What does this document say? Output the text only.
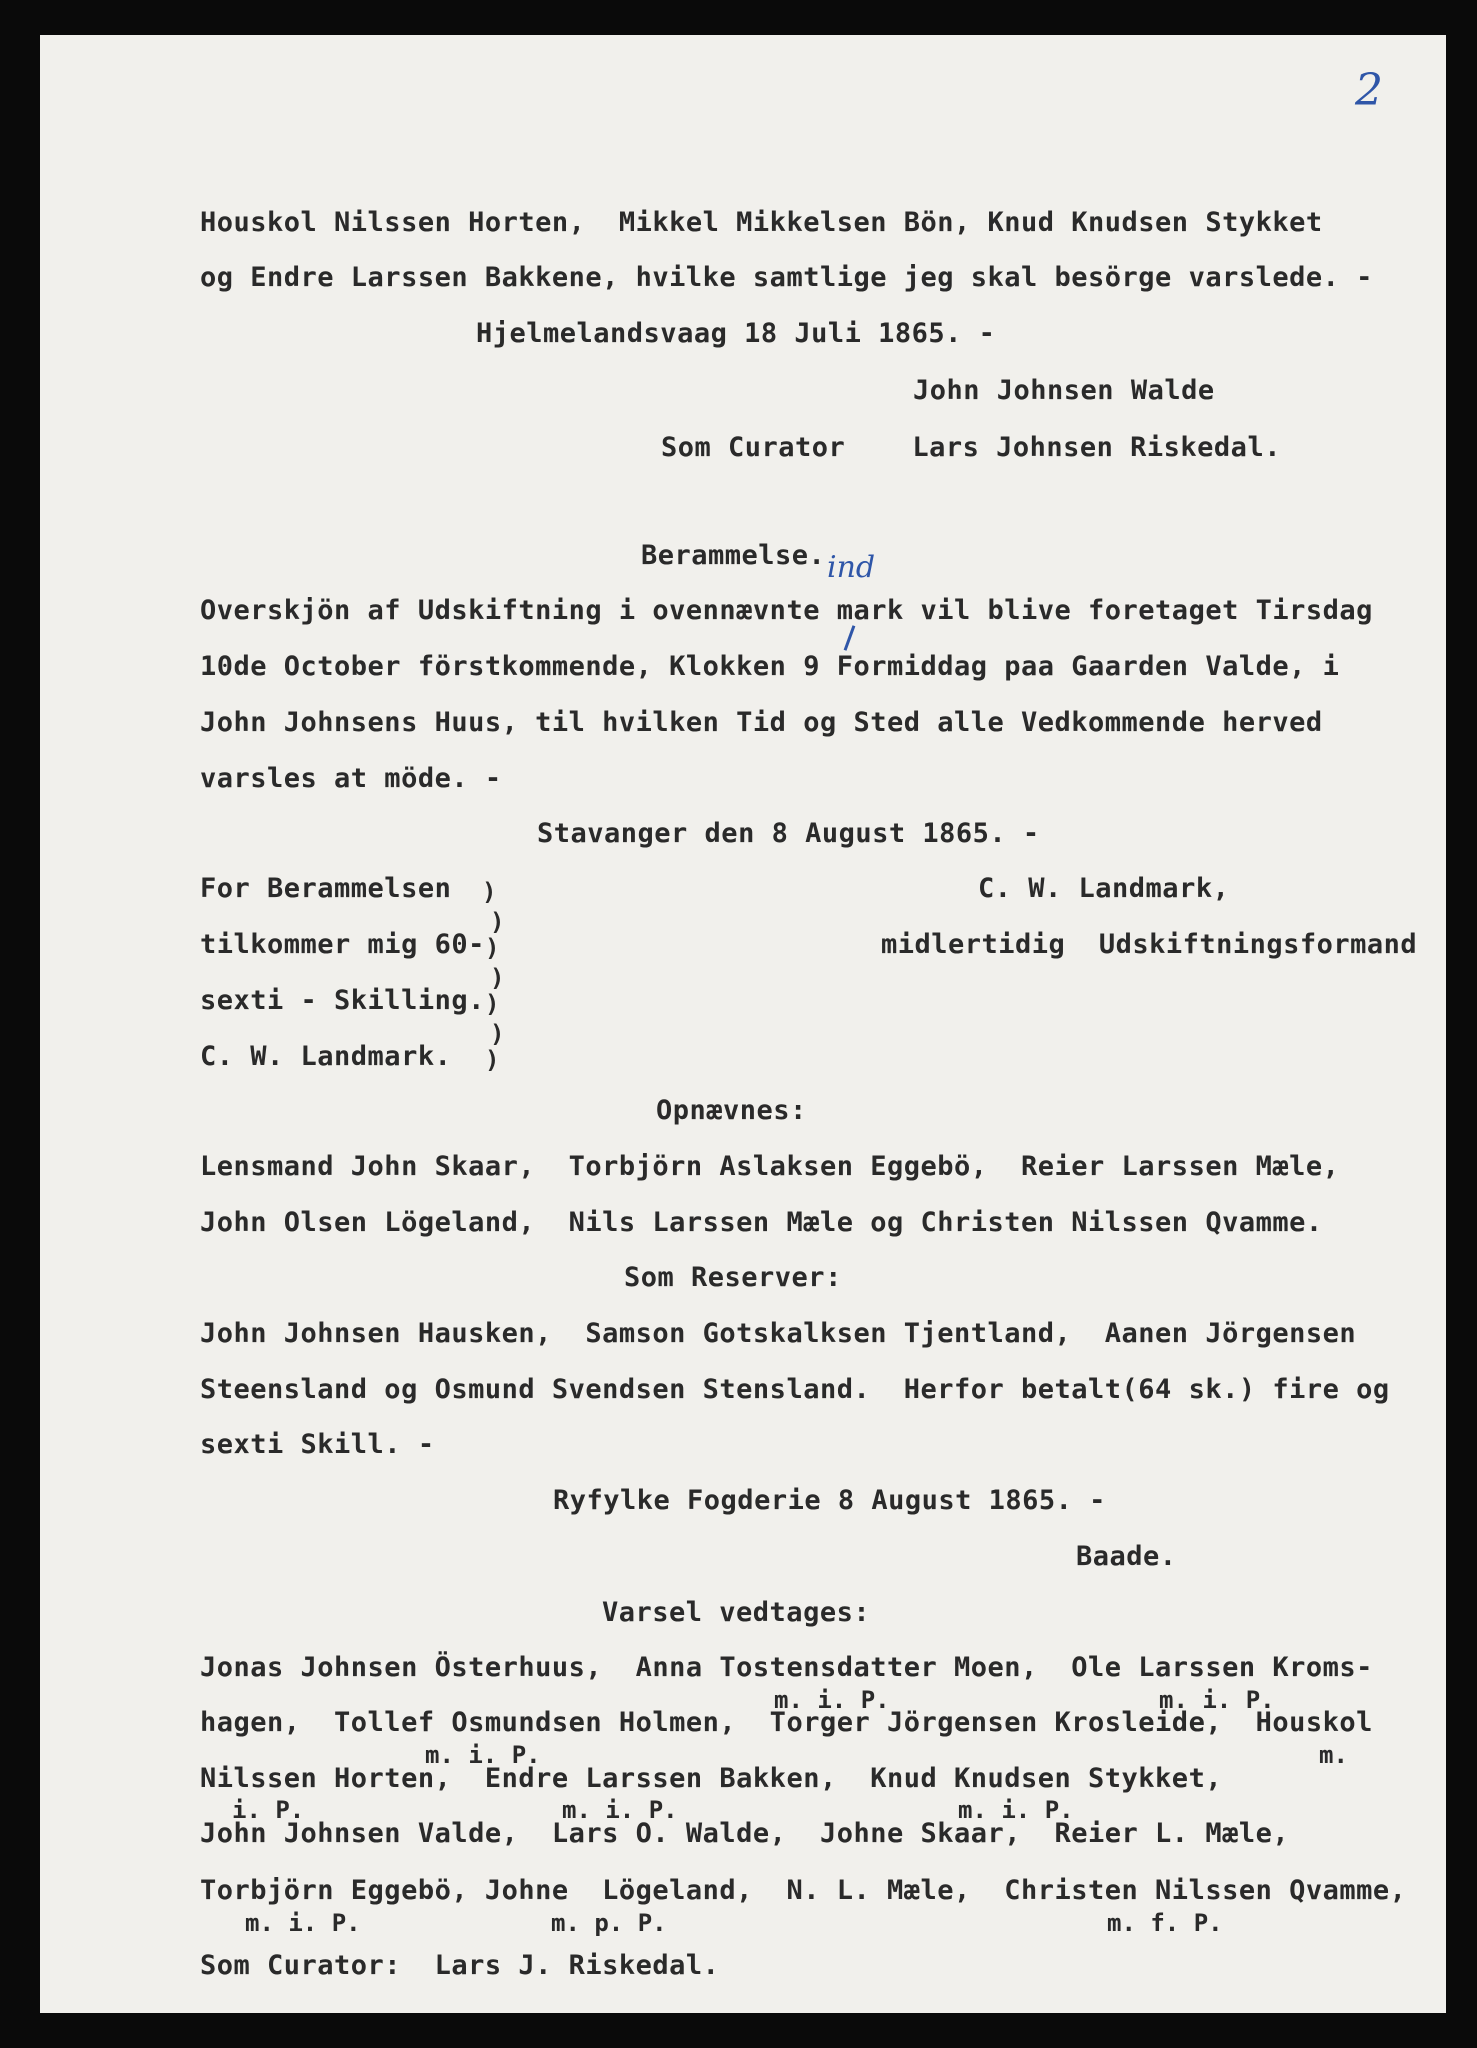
2
ind
Houskol Nilssen Horten,  Mikkel Mikkelsen Bön, Knud Knudsen Stykket
og Endre Larssen Bakkene, hvilke samtlige jeg skal besörge varslede. -
Hjelmelandsvaag 18 Juli 1865. -
John Johnsen Walde
Som Curator    Lars Johnsen Riskedal.
Berammelse.
Overskjön af Udskiftning i ovennævnte mark vil blive foretaget Tirsdag
10de October förstkommende, Klokken 9 Formiddag paa Gaarden Valde, i
John Johnsens Huus, til hvilken Tid og Sted alle Vedkommende herved
varsles at möde. -
Stavanger den 8 August 1865. -
For Berammelsen
tilkommer mig 60-
sexti - Skilling.
C. W. Landmark.
)
)
)
)
)
)
)
C. W. Landmark,
midlertidig  Udskiftningsformand
Opnævnes:
Lensmand John Skaar,  Torbjörn Aslaksen Eggebö,  Reier Larssen Mæle,
John Olsen Lögeland,  Nils Larssen Mæle og Christen Nilssen Qvamme.
Som Reserver:
John Johnsen Hausken,  Samson Gotskalksen Tjentland,  Aanen Jörgensen
Steensland og Osmund Svendsen Stensland.  Herfor betalt(64 sk.) fire og
sexti Skill. -
Ryfylke Fogderie 8 August 1865. -
Baade.
Varsel vedtages:
Jonas Johnsen Österhuus,  Anna Tostensdatter Moen,  Ole Larssen Kroms-
m. i. P.	m. i. P.
hagen,  Tollef Osmundsen Holmen,  Torger Jörgensen Krosleide,  Houskol
m. i. P.	m.
Nilssen Horten,  Endre Larssen Bakken,  Knud Knudsen Stykket,
i. P.	m. i. P.	m. i. P.
John Johnsen Valde,  Lars O. Walde,  Johne Skaar,  Reier L. Mæle,
Torbjörn Eggebö, Johne  Lögeland,  N. L. Mæle,  Christen Nilssen Qvamme,
m. i. P.	m. p. P.	m. f. P.
Som Curator:  Lars J. Riskedal.
